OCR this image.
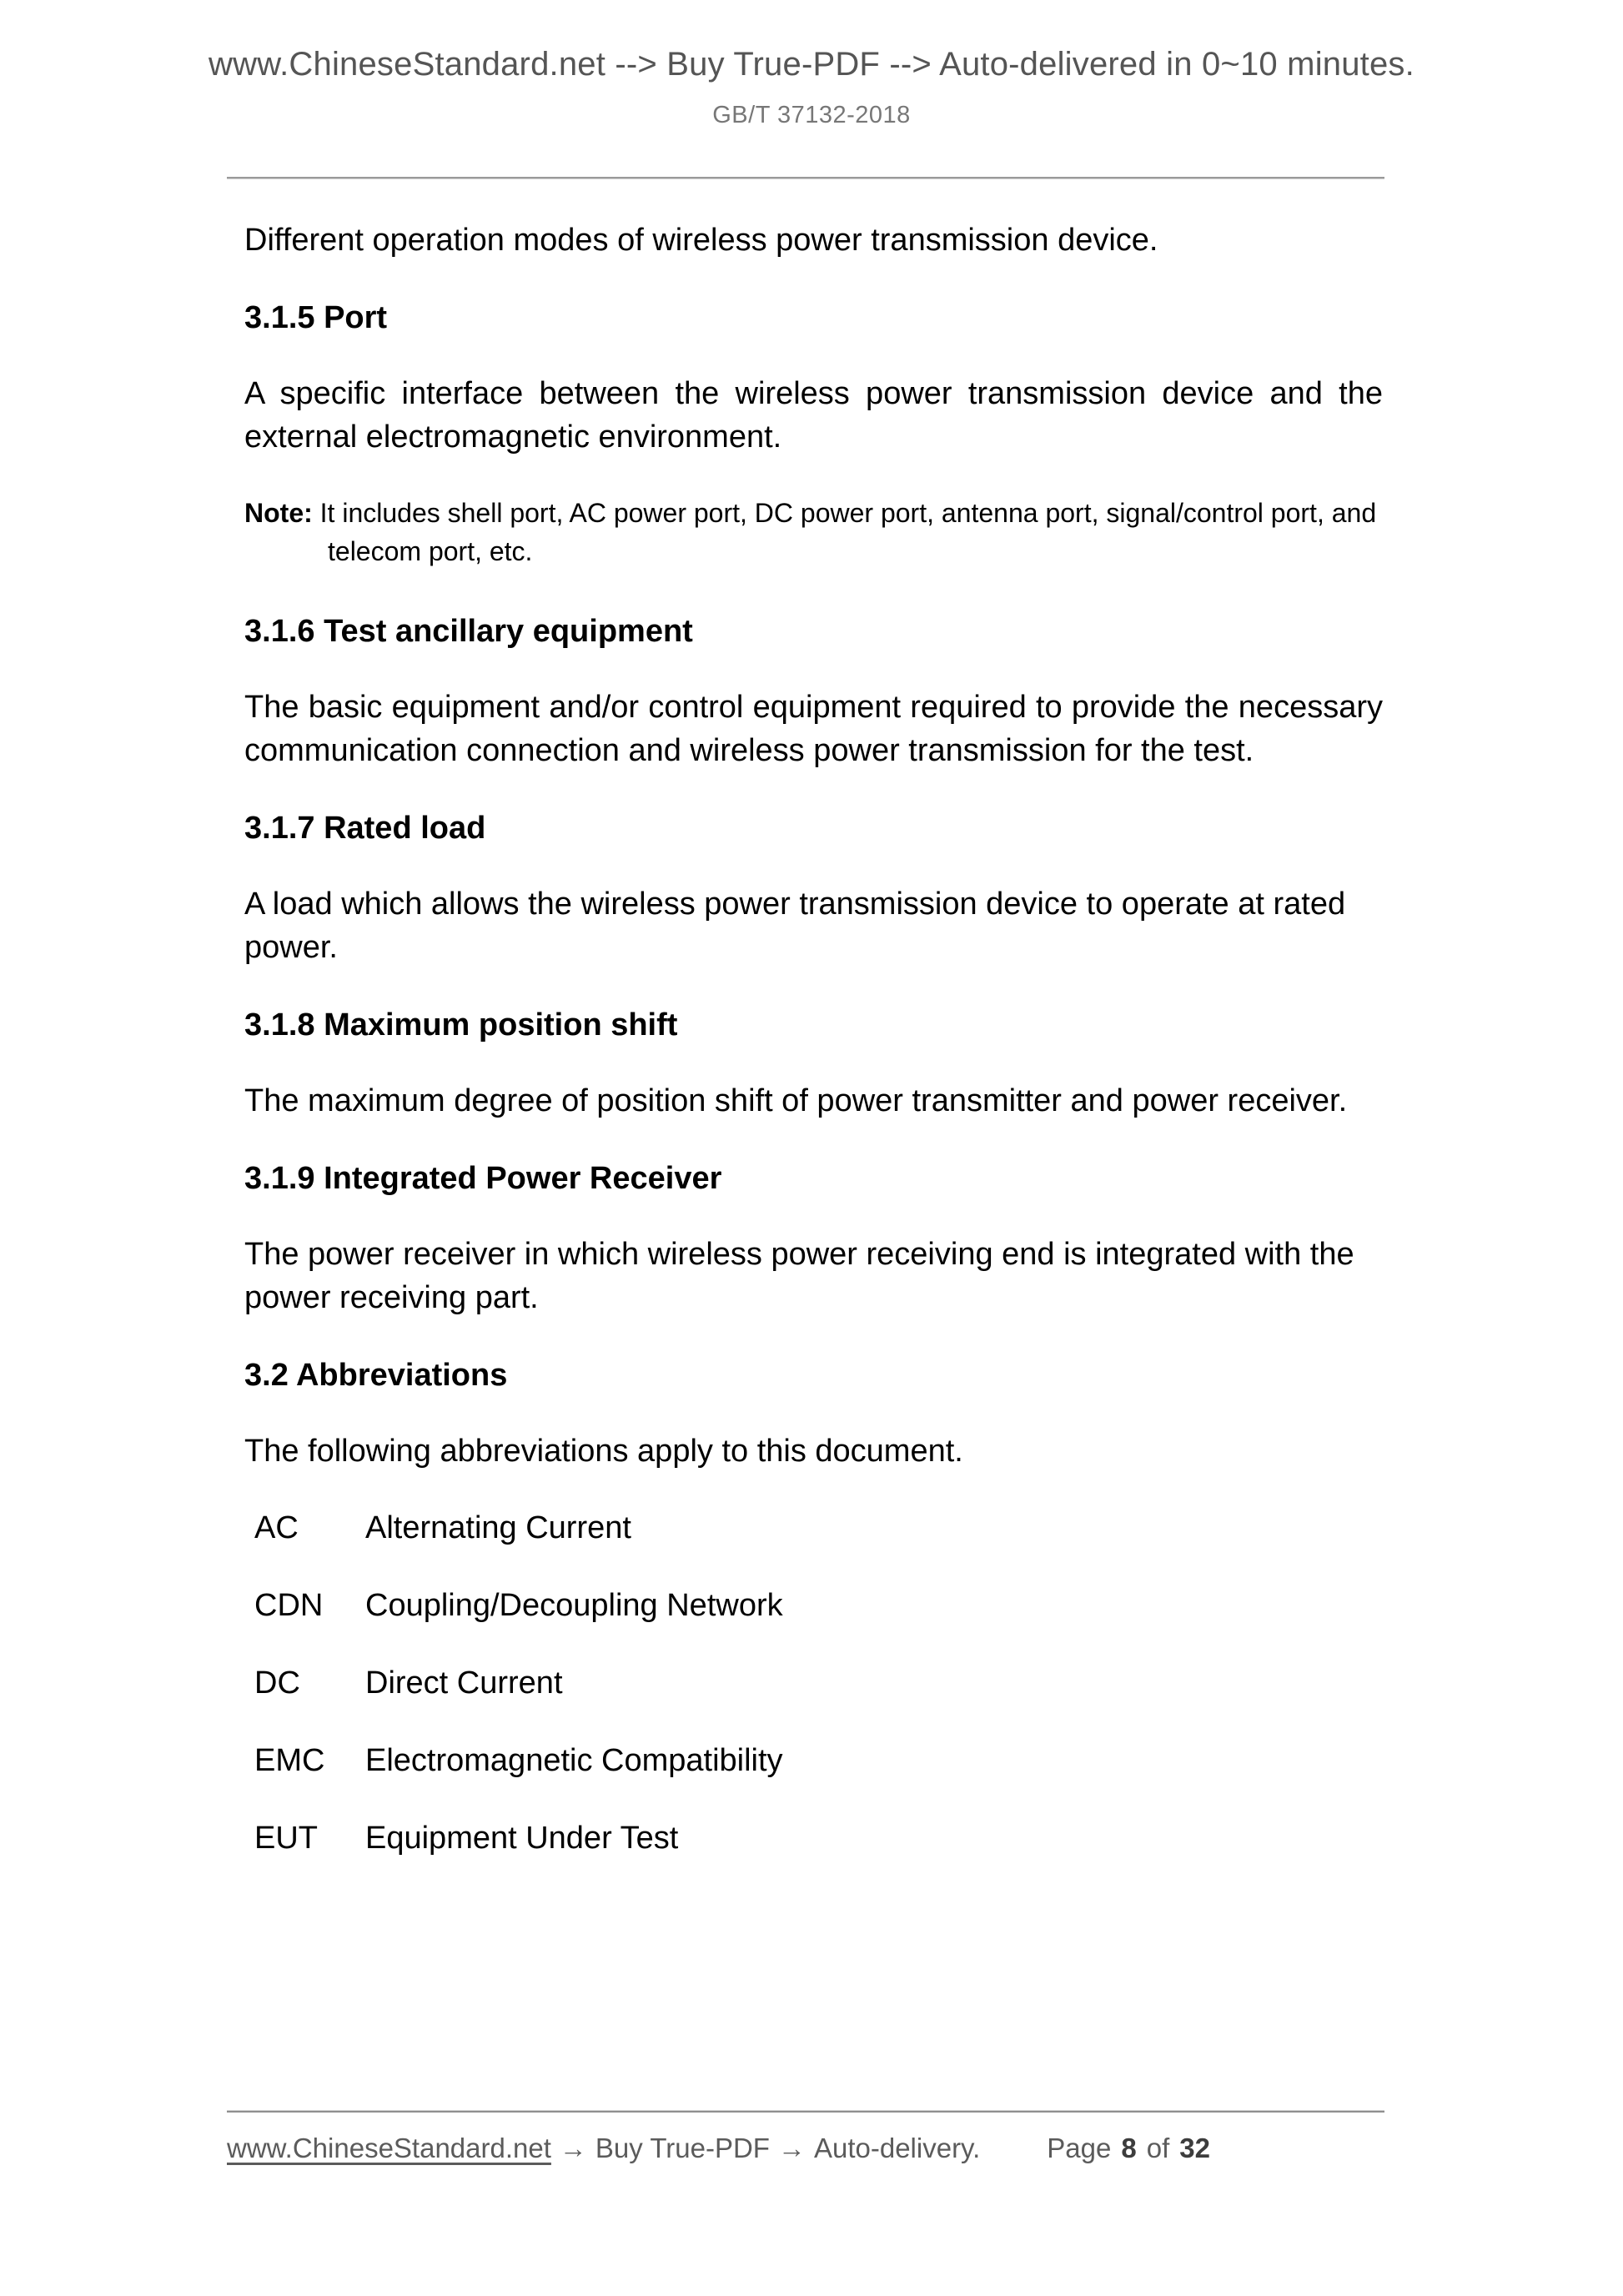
www.ChineseStandard.net --> Buy True-PDF --> Auto-delivered in 0~10 minutes.
GB/T 37132-2018

Different operation modes of wireless power transmission device.

3.1.5 Port

A specific interface between the wireless power transmission device and the external electromagnetic environment.

Note: It includes shell port, AC power port, DC power port, antenna port, signal/control port, and telecom port, etc.

3.1.6 Test ancillary equipment

The basic equipment and/or control equipment required to provide the necessary communication connection and wireless power transmission for the test.

3.1.7 Rated load

A load which allows the wireless power transmission device to operate at rated power.

3.1.8 Maximum position shift

The maximum degree of position shift of power transmitter and power receiver.

3.1.9 Integrated Power Receiver

The power receiver in which wireless power receiving end is integrated with the power receiving part.

3.2 Abbreviations

The following abbreviations apply to this document.

AC	Alternating Current
CDN	Coupling/Decoupling Network
DC	Direct Current
EMC	Electromagnetic Compatibility
EUT	Equipment Under Test
www.ChineseStandard.net → Buy True-PDF → Auto-delivery. Page 8 of 32
